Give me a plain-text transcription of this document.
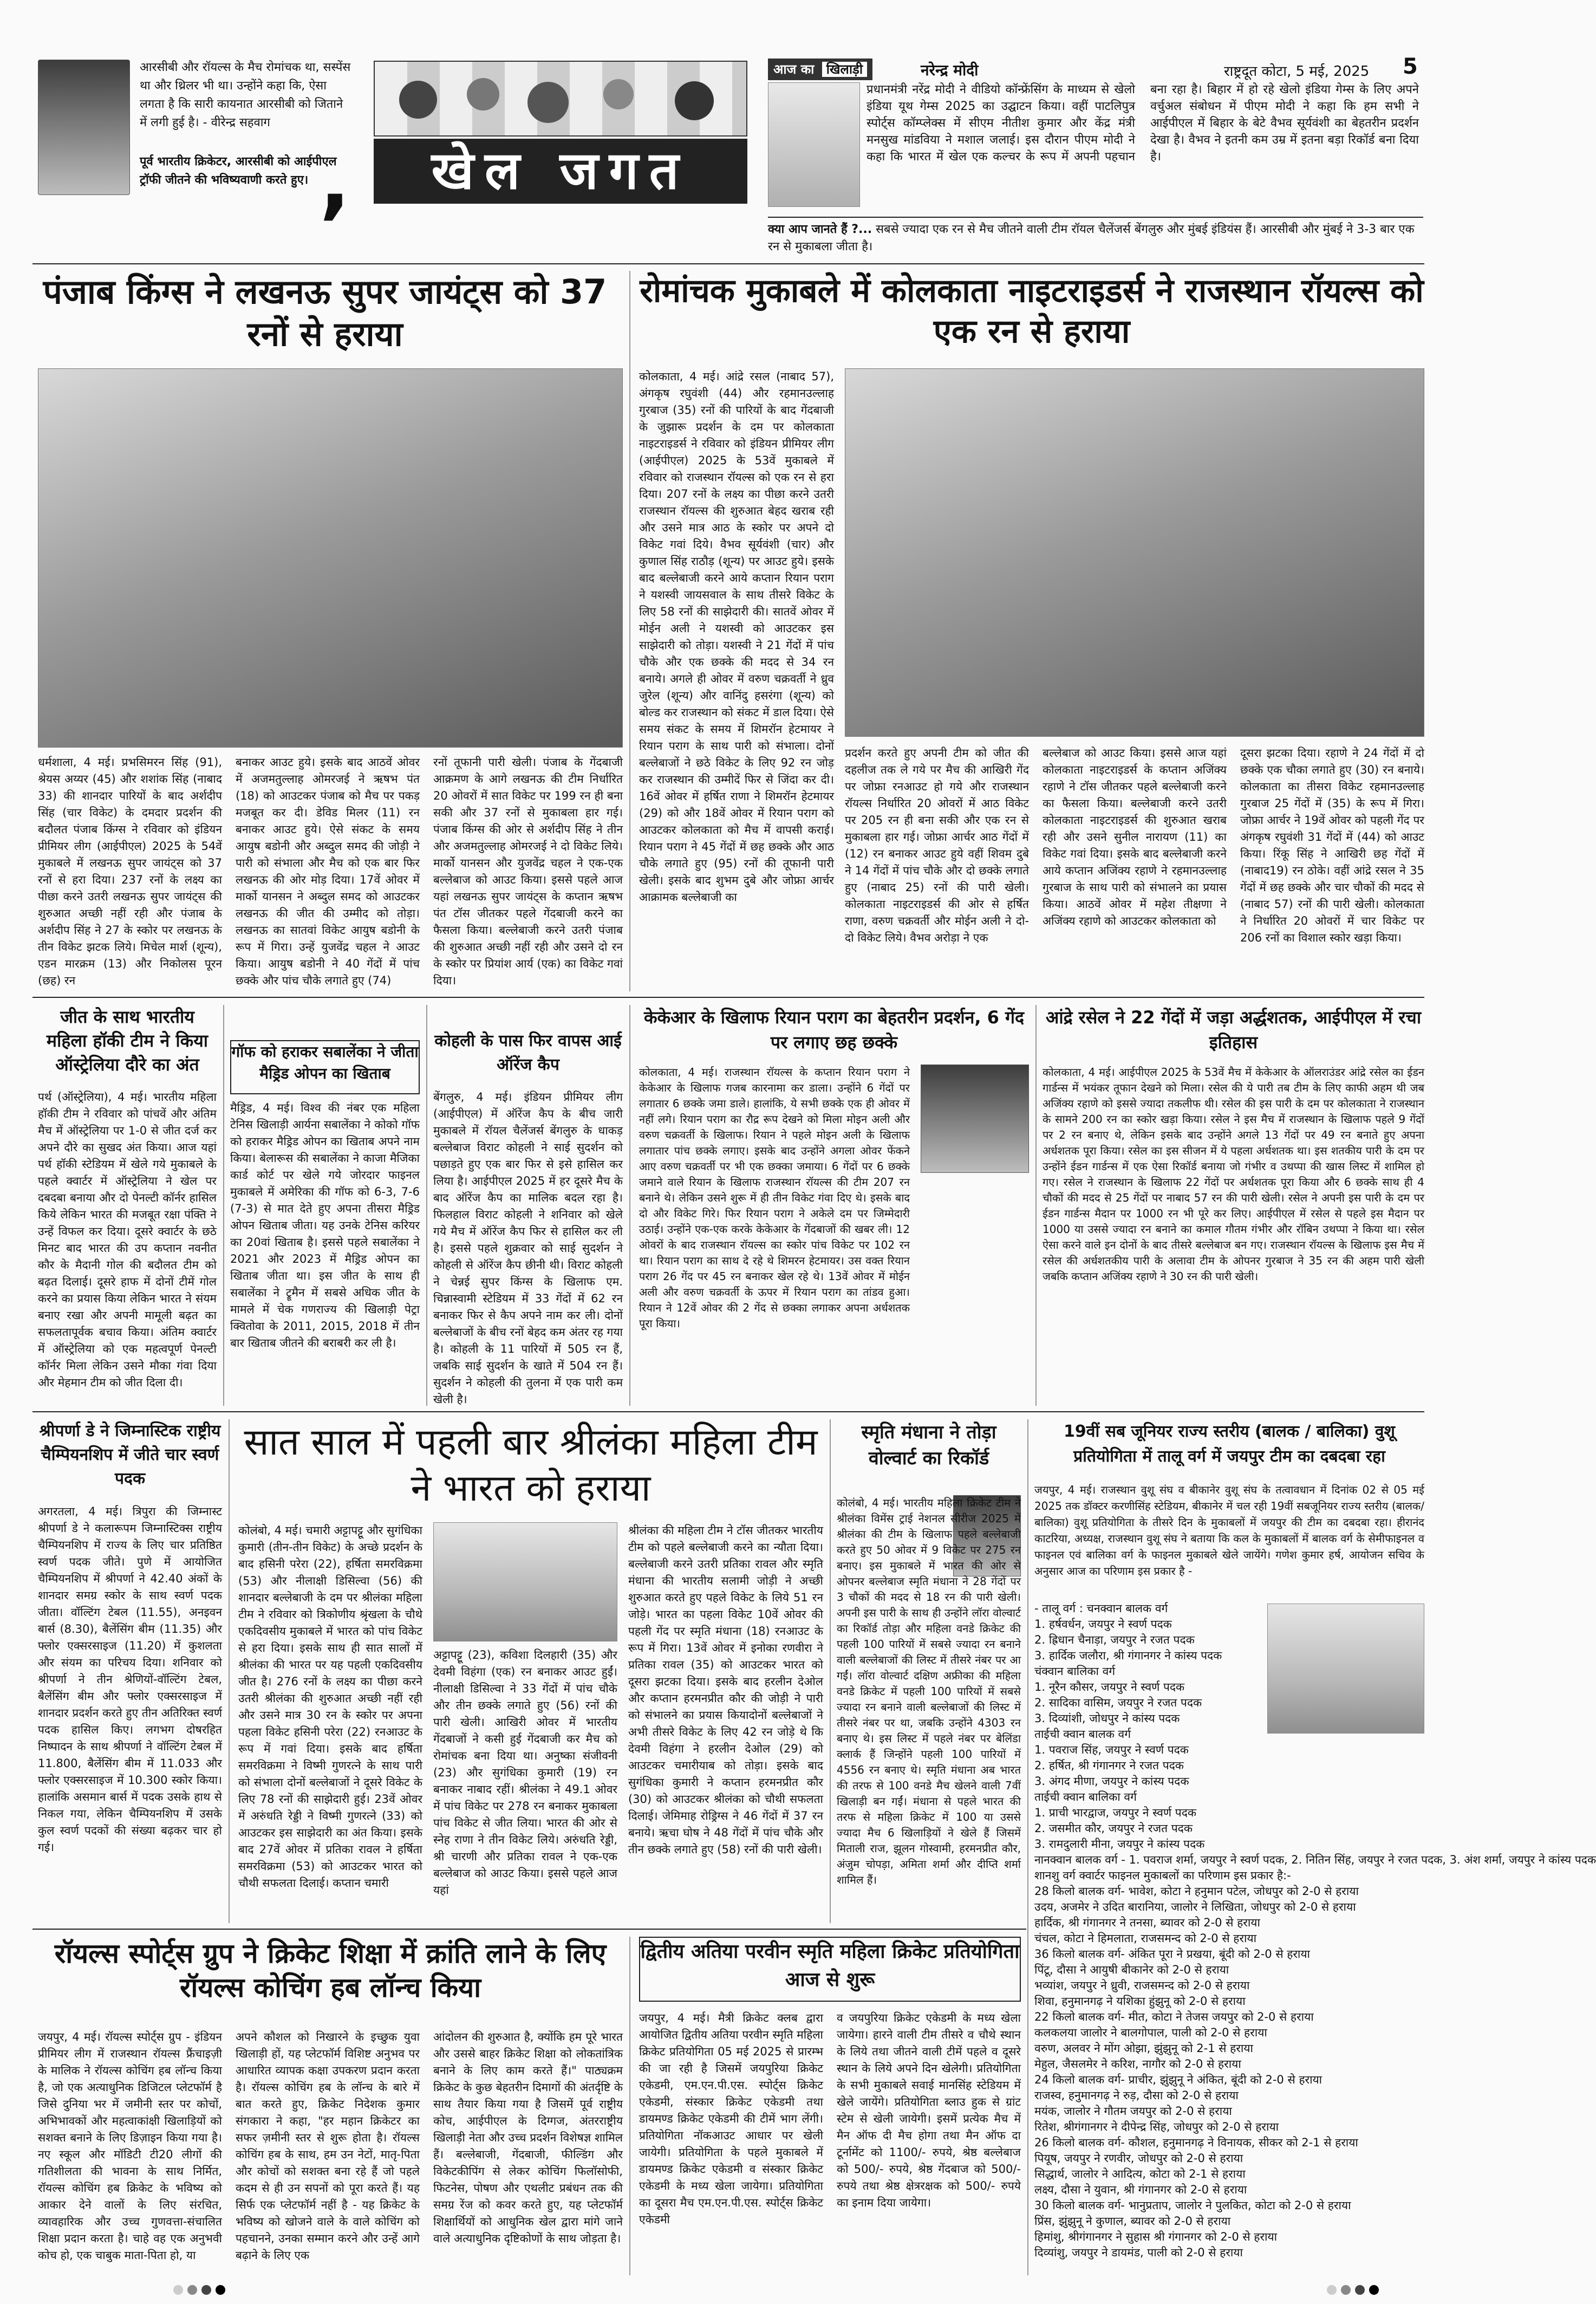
आरसीबी और रॉयल्स के मैच रोमांचक था, सस्पेंस था और थ्रिलर भी था। उन्होंने कहा कि, ऐसा लगता है कि सारी कायनात आरसीबी को जिताने में लगी हुई है। - वीरेन्द्र सहवाग
पूर्व भारतीय क्रिकेटर, आरसीबी को आईपीएल ट्रॉफी जीतने की भविष्यवाणी करते हुए। ,	खेल जगत
आज का खिलाड़ी	नरेन्द्र मोदी	राष्ट्रदूत कोटा, 5 मई, 2025 5
प्रधानमंत्री नरेंद्र मोदी ने वीडियो कॉन्फ्रेंसिंग के माध्यम से खेलो इंडिया यूथ गेम्स 2025 का उद्घाटन किया। वहीं पाटलिपुत्र स्पोर्ट्स कॉम्प्लेक्स में सीएम नीतीश कुमार और केंद्र मंत्री मनसुख मांडविया ने मशाल जलाई। इस दौरान पीएम मोदी ने कहा कि भारत में खेल एक कल्चर के रूप में अपनी पहचान बना रहा है। बिहार में हो रहे खेलो इंडिया गेम्स के लिए अपने वर्चुअल संबोधन में पीएम मोदी ने कहा कि हम सभी ने आईपीएल में बिहार के बेटे वैभव सूर्यवंशी का बेहतरीन प्रदर्शन देखा है। वैभव ने इतनी कम उम्र में इतना बड़ा रिकॉर्ड बना दिया है।
क्या आप जानते हैं ?... सबसे ज्यादा एक रन से मैच जीतने वाली टीम रॉयल चैलेंजर्स बेंगलुरु और मुंबई इंडियंस हैं। आरसीबी और मुंबई ने 3-3 बार एक रन से मुकाबला जीता है।
पंजाब किंग्स ने लखनऊ सुपर जायंट्स को 37 रनों से हराया
धर्मशाला, 4 मई। प्रभसिमरन सिंह (91), श्रेयस अय्यर (45) और शशांक सिंह (नाबाद 33) की शानदार पारियों के बाद अर्शदीप सिंह (चार विकेट) के दमदार प्रदर्शन की बदौलत पंजाब किंग्स ने रविवार को इंडियन प्रीमियर लीग (आईपीएल) 2025 के 54वें मुकाबले में लखनऊ सुपर जायंट्स को 37 रनों से हरा दिया। 237 रनों के लक्ष्य का पीछा करने उतरी लखनऊ सुपर जायंट्स की शुरुआत अच्छी नहीं रही और पंजाब के अर्शदीप सिंह ने 27 के स्कोर पर लखनऊ के तीन विकेट झटक लिये। मिचेल मार्श (शून्य), एडन मारक्रम (13) और निकोलस पूरन (छह) रन
बनाकर आउट हुये। इसके बाद आठवें ओवर में अजमतुल्लाह ओमरजई ने ऋषभ पंत (18) को आउटकर पंजाब को मैच पर पकड़ मजबूत कर दी। डेविड मिलर (11) रन बनाकर आउट हुये। ऐसे संकट के समय आयुष बडोनी और अब्दुल समद की जोड़ी ने पारी को संभाला और मैच को एक बार फिर लखनऊ की ओर मोड़ दिया। 17वें ओवर में मार्को यानसन ने अब्दुल समद को आउटकर लखनऊ की जीत की उम्मीद को तोड़ा। लखनऊ का सातवां विकेट आयुष बडोनी के रूप में गिरा। उन्हें युजवेंद्र चहल ने आउट किया। आयुष बडोनी ने 40 गेंदों में पांच छक्के और पांच चौके लगाते हुए (74)
रनों तूफानी पारी खेली। पंजाब के गेंदबाजी आक्रमण के आगे लखनऊ की टीम निर्धारित 20 ओवरों में सात विकेट पर 199 रन ही बना सकी और 37 रनों से मुकाबला हार गई। पंजाब किंग्स की ओर से अर्शदीप सिंह ने तीन और अजमतुल्लाह ओमरजई ने दो विकेट लिये। मार्को यानसन और युजवेंद्र चहल ने एक-एक बल्लेबाज को आउट किया। इससे पहले आज यहां लखनऊ सुपर जायंट्स के कप्तान ऋषभ पंत टॉस जीतकर पहले गेंदबाजी करने का फैसला किया। बल्लेबाजी करने उतरी पंजाब की शुरुआत अच्छी नहीं रही और उसने दो रन के स्कोर पर प्रियांश आर्य (एक) का विकेट गवां दिया।
रोमांचक मुकाबले में कोलकाता नाइटराइडर्स ने राजस्थान रॉयल्स को एक रन से हराया
कोलकाता, 4 मई। आंद्रे रसल (नाबाद 57), अंगकृष रघुवंशी (44) और रहमानउल्लाह गुरबाज (35) रनों की पारियों के बाद गेंदबाजी के जुझारू प्रदर्शन के दम पर कोलकाता नाइटराइडर्स ने रविवार को इंडियन प्रीमियर लीग (आईपीएल) 2025 के 53वें मुकाबले में रविवार को राजस्थान रॉयल्स को एक रन से हरा दिया। 207 रनों के लक्ष्य का पीछा करने उतरी राजस्थान रॉयल्स की शुरुआत बेहद खराब रही और उसने मात्र आठ के स्कोर पर अपने दो विकेट गवां दिये। वैभव सूर्यवंशी (चार) और कुणाल सिंह राठौड़ (शून्य) पर आउट हुये। इसके बाद बल्लेबाजी करने आये कप्तान रियान पराग ने यशस्वी जायसवाल के साथ तीसरे विकेट के लिए 58 रनों की साझेदारी की। सातवें ओवर में मोईन अली ने यशस्वी को आउटकर इस साझेदारी को तोड़ा। यशस्वी ने 21 गेंदों में पांच चौके और एक छक्के की मदद से 34 रन बनाये। अगले ही ओवर में वरुण चक्रवर्ती ने ध्रुव जुरेल (शून्य) और वानिंदु हसरंगा (शून्य) को बोल्ड कर राजस्थान को संकट में डाल दिया। ऐसे समय संकट के समय में शिमरॉन हेटमायर ने रियान पराग के साथ पारी को संभाला। दोनों बल्लेबाजों ने छठे विकेट के लिए 92 रन जोड़ कर राजस्थान की उम्मीदें फिर से जिंदा कर दी। 16वें ओवर में हर्षित राणा ने शिमरॉन हेटमायर (29) को और 18वें ओवर में रियान पराग को आउटकर कोलकाता को मैच में वापसी कराई। रियान पराग ने 45 गेंदों में छह छक्के और आठ चौके लगाते हुए (95) रनों की तूफानी पारी खेली। इसके बाद शुभम दुबे और जोफ्रा आर्चर आक्रामक बल्लेबाजी का
प्रदर्शन करते हुए अपनी टीम को जीत की दहलीज तक ले गये पर मैच की आखिरी गेंद पर जोफ्रा रनआउट हो गये और राजस्थान रॉयल्स निर्धारित 20 ओवरों में आठ विकेट पर 205 रन ही बना सकी और एक रन से मुकाबला हार गई। जोफ्रा आर्चर आठ गेंदों में (12) रन बनाकर आउट हुये वहीं शिवम दुबे ने 14 गेंदों में पांच चौके और दो छक्के लगाते हुए (नाबाद 25) रनों की पारी खेली। कोलकाता नाइटराइडर्स की ओर से हर्षित राणा, वरुण चक्रवर्ती और मोईन अली ने दो-दो विकेट लिये। वैभव अरोड़ा ने एक
बल्लेबाज को आउट किया। इससे आज यहां कोलकाता नाइटराइडर्स के कप्तान अजिंक्य रहाणे ने टॉस जीतकर पहले बल्लेबाजी करने का फैसला किया। बल्लेबाजी करने उतरी कोलकाता नाइटराइडर्स की शुरुआत खराब रही और उसने सुनील नारायण (11) का विकेट गवां दिया। इसके बाद बल्लेबाजी करने आये कप्तान अजिंक्य रहाणे ने रहमानउल्लाह गुरबाज के साथ पारी को संभालने का प्रयास किया। आठवें ओवर में महेश तीक्षणा ने अजिंक्य रहाणे को आउटकर कोलकाता को
दूसरा झटका दिया। रहाणे ने 24 गेंदों में दो छक्के एक चौका लगाते हुए (30) रन बनाये। कोलकाता का तीसरा विकेट रहमानउल्लाह गुरबाज 25 गेंदों में (35) के रूप में गिरा। जोफ्रा आर्चर ने 19वें ओवर को पहली गेंद पर अंगकृष रघुवंशी 31 गेंदों में (44) को आउट किया। रिंकू सिंह ने आखिरी छह गेंदों में (नाबाद19) रन ठोके। वहीं आंद्रे रसल ने 35 गेंदों में छह छक्के और चार चौकों की मदद से (नाबाद 57) रनों की पारी खेली। कोलकाता ने निर्धारित 20 ओवरों में चार विकेट पर 206 रनों का विशाल स्कोर खड़ा किया।
जीत के साथ भारतीय महिला हॉकी टीम ने किया ऑस्ट्रेलिया दौरे का अंत
पर्थ (ऑस्ट्रेलिया), 4 मई। भारतीय महिला हॉकी टीम ने रविवार को पांचवें और अंतिम मैच में ऑस्ट्रेलिया पर 1-0 से जीत दर्ज कर अपने दौरे का सुखद अंत किया। आज यहां पर्थ हॉकी स्टेडियम में खेले गये मुकाबले के पहले क्वार्टर में ऑस्ट्रेलिया ने खेल पर दबदबा बनाया और दो पेनल्टी कॉर्नर हासिल किये लेकिन भारत की मजबूत रक्षा पंक्ति ने उन्हें विफल कर दिया। दूसरे क्वार्टर के छठे मिनट बाद भारत की उप कप्तान नवनीत कौर के मैदानी गोल की बदौलत टीम को बढ़त दिलाई। दूसरे हाफ में दोनों टीमें गोल करने का प्रयास किया लेकिन भारत ने संयम बनाए रखा और अपनी मामूली बढ़त का सफलतापूर्वक बचाव किया। अंतिम क्वार्टर में ऑस्ट्रेलिया को एक महत्वपूर्ण पेनल्टी कॉर्नर मिला लेकिन उसने मौका गंवा दिया और मेहमान टीम को जीत दिला दी।
गॉफ को हराकर सबालेंका ने जीता मैड्रिड ओपन का खिताब
मैड्रिड, 4 मई। विश्व की नंबर एक महिला टेनिस खिलाड़ी आर्यना सबालेंका ने कोको गॉफ को हराकर मैड्रिड ओपन का खिताब अपने नाम किया। बेलारूस की सबालेंका ने काजा मैजिका कार्ड कोर्ट पर खेले गये जोरदार फाइनल मुकाबले में अमेरिका की गॉफ को 6-3, 7-6 (7-3) से मात देते हुए अपना तीसरा मैड्रिड ओपन खिताब जीता। यह उनके टेनिस करियर का 20वां खिताब है। इससे पहले सबालेंका ने 2021 और 2023 में मैड्रिड ओपन का खिताब जीता था। इस जीत के साथ ही सबालेंका ने ट्रूमैन में सबसे अधिक जीत के मामले में चेक गणराज्य की खिलाड़ी पेट्रा क्वितोवा के 2011, 2015, 2018 में तीन बार खिताब जीतने की बराबरी कर ली है।
कोहली के पास फिर वापस आई ऑरेंज कैप
बेंगलुरु, 4 मई। इंडियन प्रीमियर लीग (आईपीएल) में ऑरेंज कैप के बीच जारी मुकाबले में रॉयल चैलेंजर्स बेंगलुरु के धाकड़ बल्लेबाज विराट कोहली ने साई सुदर्शन को पछाड़ते हुए एक बार फिर से इसे हासिल कर लिया है। आईपीएल 2025 में हर दूसरे मैच के बाद ऑरेंज कैप का मालिक बदल रहा है। फिलहाल विराट कोहली ने शनिवार को खेले गये मैच में ऑरेंज कैप फिर से हासिल कर ली है। इससे पहले शुक्रवार को साई सुदर्शन ने कोहली से ऑरेंज कैप छीनी थी। विराट कोहली ने चेन्नई सुपर किंग्स के खिलाफ एम. चिन्नास्वामी स्टेडियम में 33 गेंदों में 62 रन बनाकर फिर से कैप अपने नाम कर ली। दोनों बल्लेबाजों के बीच रनों बेहद कम अंतर रह गया है। कोहली के 11 पारियों में 505 रन हैं, जबकि साई सुदर्शन के खाते में 504 रन हैं। सुदर्शन ने कोहली की तुलना में एक पारी कम खेली है।
केकेआर के खिलाफ रियान पराग का बेहतरीन प्रदर्शन, 6 गेंद पर लगाए छह छक्के
कोलकाता, 4 मई। राजस्थान रॉयल्स के कप्तान रियान पराग ने केकेआर के खिलाफ गजब कारनामा कर डाला। उन्होंने 6 गेंदों पर लगातार 6 छक्के जमा डाले। हालांकि, ये सभी छक्के एक ही ओवर में नहीं लगे। रियान पराग का रौद्र रूप देखने को मिला मोइन अली और वरुण चक्रवर्ती के खिलाफ। रियान ने पहले मोइन अली के खिलाफ लगातार पांच छक्के लगाए। इसके बाद उन्होंने अगला ओवर फेंकने आए वरुण चक्रवर्ती पर भी एक छक्का जमाया। 6 गेंदों पर 6 छक्के जमाने वाले रियान के खिलाफ राजस्थान रॉयल्स की टीम 207 रन बनाने थे। लेकिन उसने शुरू में ही तीन विकेट गंवा दिए थे। इसके बाद दो और विकेट गिरे। फिर रियान पराग ने अकेले दम पर जिम्मेदारी उठाई। उन्होंने एक-एक करके केकेआर के गेंदबाजों की खबर ली। 12 ओवरों के बाद राजस्थान रॉयल्स का स्कोर पांच विकेट पर 102 रन था। रियान पराग का साथ दे रहे थे शिमरन हेटमायर। उस वक्त रियान पराग 26 गेंद पर 45 रन बनाकर खेल रहे थे। 13वें ओवर में मोईन अली और वरुण चक्रवर्ती के ऊपर में रियान पराग का तांडव हुआ। रियान ने 12वें ओवर की 2 गेंद से छक्का लगाकर अपना अर्धशतक पूरा किया।
आंद्रे रसेल ने 22 गेंदों में जड़ा अर्द्धशतक, आईपीएल में रचा इतिहास
कोलकाता, 4 मई। आईपीएल 2025 के 53वें मैच में केकेआर के ऑलराउंडर आंद्रे रसेल का ईडन गार्डन्स में भयंकर तूफान देखने को मिला। रसेल की ये पारी तब टीम के लिए काफी अहम थी जब अजिंक्य रहाणे को इससे ज्यादा तकलीफ थी। रसेल की इस पारी के दम पर कोलकाता ने राजस्थान के सामने 200 रन का स्कोर खड़ा किया। रसेल ने इस मैच में राजस्थान के खिलाफ पहले 9 गेंदों पर 2 रन बनाए थे, लेकिन इसके बाद उन्होंने अगले 13 गेंदों पर 49 रन बनाते हुए अपना अर्धशतक पूरा किया। रसेल का इस सीजन में ये पहला अर्धशतक था। इस शतकीय पारी के दम पर उन्होंने ईडन गार्डन्स में एक ऐसा रिकॉर्ड बनाया जो गंभीर व उथप्पा की खास लिस्ट में शामिल हो गए। रसेल ने राजस्थान के खिलाफ 22 गेंदों पर अर्धशतक पूरा किया और 6 छक्के साथ ही 4 चौकों की मदद से 25 गेंदों पर नाबाद 57 रन की पारी खेली। रसेल ने अपनी इस पारी के दम पर ईडन गार्डन्स मैदान पर 1000 रन भी पूरे कर लिए। आईपीएल में रसेल से पहले इस मैदान पर 1000 या उससे ज्यादा रन बनाने का कमाल गौतम गंभीर और रॉबिन उथप्पा ने किया था। रसेल ऐसा करने वाले इन दोनों के बाद तीसरे बल्लेबाज बन गए। राजस्थान रॉयल्स के खिलाफ इस मैच में रसेल की अर्धशतकीय पारी के अलावा टीम के ओपनर गुरबाज ने 35 रन की अहम पारी खेली जबकि कप्तान अजिंक्य रहाणे ने 30 रन की पारी खेली।
श्रीपर्णा डे ने जिम्नास्टिक राष्ट्रीय चैम्पियनशिप में जीते चार स्वर्ण पदक
अगरतला, 4 मई। त्रिपुरा की जिम्नास्ट श्रीपर्णा डे ने कलारूपम जिम्नास्टिक्स राष्ट्रीय चैम्पियनशिप में राज्य के लिए चार प्रतिष्ठित स्वर्ण पदक जीते। पुणे में आयोजित चैम्पियनशिप में श्रीपर्णा ने 42.40 अंकों के शानदार समग्र स्कोर के साथ स्वर्ण पदक जीता। वॉल्टिंग टेबल (11.55), अनइवन बार्स (8.30), बैलेंसिंग बीम (11.35) और फ्लोर एक्सरसाइज (11.20) में कुशलता और संयम का परिचय दिया। शनिवार को श्रीपर्णा ने तीन श्रेणियों-वॉल्टिंग टेबल, बैलेंसिंग बीम और फ्लोर एक्सरसाइज में शानदार प्रदर्शन करते हुए तीन अतिरिक्त स्वर्ण पदक हासिल किए। लगभग दोषरहित निष्पादन के साथ श्रीपर्णा ने वॉल्टिंग टेबल में 11.800, बैलेंसिंग बीम में 11.033 और फ्लोर एक्सरसाइज में 10.300 स्कोर किया। हालांकि असमान बार्स में पदक उसके हाथ से निकल गया, लेकिन चैम्पियनशिप में उसके कुल स्वर्ण पदकों की संख्या बढ़कर चार हो गई।
सात साल में पहली बार श्रीलंका महिला टीम ने भारत को हराया
कोलंबो, 4 मई। चमारी अट्टापट्टू और सुगंधिका कुमारी (तीन-तीन विकेट) के अच्छे प्रदर्शन के बाद हसिनी परेरा (22), हर्षिता समरविक्रमा (53) और नीलाक्षी डिसिल्वा (56) की शानदार बल्लेबाजी के दम पर श्रीलंका महिला टीम ने रविवार को त्रिकोणीय श्रृंखला के चौथे एकदिवसीय मुकाबले में भारत को पांच विकेट से हरा दिया। इसके साथ ही सात सालों में श्रीलंका की भारत पर यह पहली एकदिवसीय जीत है। 276 रनों के लक्ष्य का पीछा करने उतरी श्रीलंका की शुरुआत अच्छी नहीं रही और उसने मात्र 30 रन के स्कोर पर अपना पहला विकेट हसिनी परेरा (22) रनआउट के रूप में गवां दिया। इसके बाद हर्षिता समरविक्रमा ने विष्मी गुणरत्ने के साथ पारी को संभाला दोनों बल्लेबाजों ने दूसरे विकेट के लिए 78 रनों की साझेदारी हुई। 23वें ओवर में अरुंधति रेड्डी ने विष्मी गुणरत्ने (33) को आउटकर इस साझेदारी का अंत किया। इसके बाद 27वें ओवर में प्रतिका रावल ने हर्षिता समरविक्रमा (53) को आउटकर भारत को चौथी सफलता दिलाई। कप्तान चमारी
अट्टापट्टू (23), कविशा दिलहारी (35) और देवमी विहंगा (एक) रन बनाकर आउट हुईं। नीलाक्षी डिसिल्वा ने 33 गेंदों में पांच चौके और तीन छक्के लगाते हुए (56) रनों की पारी खेली। आखिरी ओवर में भारतीय गेंदबाजों ने कसी हुई गेंदबाजी कर मैच को रोमांचक बना दिया था। अनुष्का संजीवनी (23) और सुगंधिका कुमारी (19) रन बनाकर नाबाद रहीं। श्रीलंका ने 49.1 ओवर में पांच विकेट पर 278 रन बनाकर मुकाबला पांच विकेट से जीत लिया। भारत की ओर से स्नेह राणा ने तीन विकेट लिये। अरुंधति रेड्डी, श्री चारणी और प्रतिका रावल ने एक-एक बल्लेबाज को आउट किया। इससे पहले आज यहां
श्रीलंका की महिला टीम ने टॉस जीतकर भारतीय टीम को पहले बल्लेबाजी करने का न्यौता दिया। बल्लेबाजी करने उतरी प्रतिका रावल और स्मृति मंधाना की भारतीय सलामी जोड़ी ने अच्छी शुरुआत करते हुए पहले विकेट के लिये 51 रन जोड़े। भारत का पहला विकेट 10वें ओवर की पहली गेंद पर स्मृति मंधाना (18) रनआउट के रूप में गिरा। 13वें ओवर में इनोका रणवीरा ने प्रतिका रावल (35) को आउटकर भारत को दूसरा झटका दिया। इसके बाद हरलीन देओल और कप्तान हरमनप्रीत कौर की जोड़ी ने पारी को संभालने का प्रयास कियादोनों बल्लेबाजों ने अभी तीसरे विकेट के लिए 42 रन जोड़े थे कि देवमी विहंगा ने हरलीन देओल (29) को आउटकर चमारीयाब को तोड़ा। इसके बाद सुगंधिका कुमारी ने कप्तान हरमनप्रीत कौर (30) को आउटकर श्रीलंका को चौथी सफलता दिलाई। जेमिमाह रोड्रिग्स ने 46 गेंदों में 37 रन बनाये। ऋचा घोष ने 48 गेंदों में पांच चौके और तीन छक्के लगाते हुए (58) रनों की पारी खेली।
स्मृति मंधाना ने तोड़ा वोल्वार्ट का रिकॉर्ड
कोलंबो, 4 मई। भारतीय महिला क्रिकेट टीम ने श्रीलंका विमेंस ट्राई नेशनल सीरीज 2025 में श्रीलंका की टीम के खिलाफ पहले बल्लेबाजी करते हुए 50 ओवर में 9 विकेट पर 275 रन बनाए। इस मुकाबले में भारत की ओर से ओपनर बल्लेबाज स्मृति मंधाना ने 28 गेंदों पर 3 चौकों की मदद से 18 रन की पारी खेली। अपनी इस पारी के साथ ही उन्होंने लॉरा वोल्वार्ट का रिकॉर्ड तोड़ा और महिला वनडे क्रिकेट की पहली 100 पारियों में सबसे ज्यादा रन बनाने वाली बल्लेबाजों की लिस्ट में तीसरे नंबर पर आ गईं। लॉरा वोल्वार्ट दक्षिण अफ्रीका की महिला वनडे क्रिकेट में पहली 100 पारियों में सबसे ज्यादा रन बनाने वाली बल्लेबाजों की लिस्ट में तीसरे नंबर पर था, जबकि उन्होंने 4303 रन बनाए थे। इस लिस्ट में पहले नंबर पर बेलिंडा क्लार्क हैं जिन्होंने पहली 100 पारियों में 4556 रन बनाए थे। स्मृति मंधाना अब भारत की तरफ से 100 वनडे मैच खेलने वाली 7वीं खिलाड़ी बन गईं। मंधाना से पहले भारत की तरफ से महिला क्रिकेट में 100 या उससे ज्यादा मैच 6 खिलाड़ियों ने खेले हैं जिसमें मिताली राज, झूलन गोस्वामी, हरमनप्रीत कौर, अंजुम चोपड़ा, अमिता शर्मा और दीप्ति शर्मा शामिल हैं।
19वीं सब जूनियर राज्य स्तरीय (बालक / बालिका) वुशू प्रतियोगिता में तालू वर्ग में जयपुर टीम का दबदबा रहा
जयपुर, 4 मई। राजस्थान वुशू संघ व बीकानेर वुशू संघ के तत्वावधान में दिनांक 02 से 05 मई 2025 तक डॉक्टर करणीसिंह स्टेडियम, बीकानेर में चल रही 19वीं सबजूनियर राज्य स्तरीय (बालक/ बालिका) वुशू प्रतियोगिता के तीसरे दिन के मुकाबलों में जयपुर की टीम का दबदबा रहा। हीरानंद काटरिया, अध्यक्ष, राजस्थान वुशू संघ ने बताया कि कल के मुकाबलों में बालक वर्ग के सेमीफाइनल व फाइनल एवं बालिका वर्ग के फाइनल मुकाबले खेले जायेंगे। गणेश कुमार हर्ष, आयोजन सचिव के अनुसार आज का परिणाम इस प्रकार है -
- तालू वर्ग : चनक्वान बालक वर्ग
1. हर्षवर्धन, जयपुर ने स्वर्ण पदक
2. ह्रिधान चैनाड़ा, जयपुर ने रजत पदक
3. हार्दिक जलौरा, श्री गंगानगर ने कांस्य पदक
चंक्वान बालिका वर्ग
1. नूरैन कौसर, जयपुर ने स्वर्ण पदक
2. सादिका वासिम, जयपुर ने रजत पदक
3. दिव्यांशी, जोधपुर ने कांस्य पदक
ताईची क्वान बालक वर्ग
1. पवराज सिंह, जयपुर ने स्वर्ण पदक
2. हर्षित, श्री गंगानगर ने रजत पदक
3. अंगद मीणा, जयपुर ने कांस्य पदक
ताईची क्वान बालिका वर्ग
1. प्राची भारद्वाज, जयपुर ने स्वर्ण पदक
2. जसमीत कौर, जयपुर ने रजत पदक
3. रामदुलारी मीना, जयपुर ने कांस्य पदक
नानक्वान बालक वर्ग - 1. पवराज शर्मा, जयपुर ने स्वर्ण पदक, 2. नितिन सिंह, जयपुर ने रजत पदक, 3. अंश शर्मा, जयपुर ने कांस्य पदक
शानशु वर्ग क्वार्टर फाइनल मुकाबलों का परिणाम इस प्रकार है:-
28 किलो बालक वर्ग- भावेश, कोटा ने हनुमान पटेल, जोधपुर को 2-0 से हराया
उदय, अजमेर ने उदित बारानिया, जालोर ने लिखिता, जोधपुर को 2-0 से हराया
हार्दिक, श्री गंगानगर ने तनसा, ब्यावर को 2-0 से हराया
चंचल, कोटा ने हिमलाता, राजसमन्द को 2-0 से हराया
36 किलो बालक वर्ग- अंकित पूरा ने प्रखया, बूंदी को 2-0 से हराया
पिंटू, दौसा ने आयुषी बीकानेर को 2-0 से हराया
भव्यांश, जयपुर ने ध्रुवी, राजसमन्द को 2-0 से हराया
शिवा, हनुमानगढ़ ने यशिका हुंझुनू को 2-0 से हराया
22 किलो बालक वर्ग- मीत, कोटा ने तेजस जयपुर को 2-0 से हराया
कलकलया जालोर ने बालगोपाल, पाली को 2-0 से हराया
वरुण, अलवर ने मोंग ओझा, झुंझुनू को 2-1 से हराया
मेहुल, जैसलमेर ने करिश, नागौर को 2-0 से हराया
24 किलो बालक वर्ग- प्राचीर, झुंझुनू ने अंकित, बूंदी को 2-0 से हराया
राजस्व, हनुमानगढ़ ने रुड़, दौसा को 2-0 से हराया
मयंक, जालोर ने गौतम जयपुर को 2-0 से हराया
रितेश, श्रीगंगानगर ने दीपेन्द्र सिंह, जोधपुर को 2-0 से हराया
26 किलो बालक वर्ग- कौशल, हनुमानगढ़ ने विनायक, सीकर को 2-1 से हराया
पियूष, जयपुर ने रणवीर, जोधपुर को 2-0 से हराया
सिद्धार्थ, जालोर ने आदित्य, कोटा को 2-1 से हराया
लक्ष्य, दौसा ने युवान, श्री गंगानगर को 2-0 से हराया
30 किलो बालक वर्ग- भानुप्रताप, जालोर ने पुलकित, कोटा को 2-0 से हराया
प्रिंस, झुंझुनू ने कुणाल, ब्यावर को 2-0 से हराया
हिमांशु, श्रीगंगानगर ने सुहास श्री गंगानगर को 2-0 से हराया
दिव्यांशु, जयपुर ने डायमंड, पाली को 2-0 से हराया
रॉयल्स स्पोर्ट्स ग्रुप ने क्रिकेट शिक्षा में क्रांति लाने के लिए रॉयल्स कोचिंग हब लॉन्च किया
जयपुर, 4 मई। रॉयल्स स्पोर्ट्स ग्रुप - इंडियन प्रीमियर लीग में राजस्थान रॉयल्स फ्रैंचाइज़ी के मालिक ने रॉयल्स कोचिंग हब लॉन्च किया है, जो एक अत्याधुनिक डिजिटल प्लेटफॉर्म है जिसे दुनिया भर में जमीनी स्तर पर कोचों, अभिभावकों और महत्वाकांक्षी खिलाड़ियों को सशक्त बनाने के लिए डिज़ाइन किया गया है। नए स्कूल और मॉडिटी टी20 लीगों की गतिशीलता की भावना के साथ निर्मित, रॉयल्स कोचिंग हब क्रिकेट के भविष्य को आकार देने वालों के लिए संरचित, व्यावहारिक और उच्च गुणवत्ता-संचालित शिक्षा प्रदान करता है। चाहे वह एक अनुभवी कोच हो, एक चाबुक माता-पिता हो, या
अपने कौशल को निखारने के इच्छुक युवा खिलाड़ी हों, यह प्लेटफॉर्म विशिष्ट अनुभव पर आधारित व्यापक कक्षा उपकरण प्रदान करता है। रॉयल्स कोचिंग हब के लॉन्च के बारे में बात करते हुए, क्रिकेट निदेशक कुमार संगकारा ने कहा, "हर महान क्रिकेटर का सफर ज़मीनी स्तर से शुरू होता है। रॉयल्स कोचिंग हब के साथ, हम उन नेटों, मातृ-पिता और कोचों को सशक्त बना रहे हैं जो पहले कदम से ही उन सपनों को पूरा करते हैं। यह सिर्फ एक प्लेटफॉर्म नहीं है - यह क्रिकेट के भविष्य को खोजने वाले के वाले कोचिंग को पहचानने, उनका सम्मान करने और उन्हें आगे बढ़ाने के लिए एक
आंदोलन की शुरुआत है, क्योंकि हम पूरे भारत और उससे बाहर क्रिकेट शिक्षा को लोकतांत्रिक बनाने के लिए काम करते हैं।" पाठ्यक्रम क्रिकेट के कुछ बेहतरीन दिमागों की अंतर्दृष्टि के साथ तैयार किया गया है जिसमें पूर्व राष्ट्रीय कोच, आईपीएल के दिग्गज, अंतरराष्ट्रीय खिलाड़ी नेता और उच्च प्रदर्शन विशेषज्ञ शामिल हैं। बल्लेबाजी, गेंदबाजी, फील्डिंग और विकेटकीपिंग से लेकर कोचिंग फिलॉसोफी, फिटनेस, पोषण और एथलीट प्रबंधन तक की समग्र रेंज को कवर करते हुए, यह प्लेटफॉर्म शिक्षार्थियों को आधुनिक खेल द्वारा मांगे जाने वाले अत्याधुनिक दृष्टिकोणों के साथ जोड़ता है।
द्वितीय अतिया परवीन स्मृति महिला क्रिकेट प्रतियोगिता आज से शुरू
जयपुर, 4 मई। मैत्री क्रिकेट क्लब द्वारा आयोजित द्वितीय अतिया परवीन स्मृति महिला क्रिकेट प्रतियोगिता 05 मई 2025 से प्रारम्भ की जा रही है जिसमें जयपुरिया क्रिकेट एकेडमी, एम.एन.पी.एस. स्पोर्ट्स क्रिकेट एकेडमी, संस्कार क्रिकेट एकेडमी तथा डायमण्ड क्रिकेट एकेडमी की टीमें भाग लेंगी। प्रतियोगिता नॉकआउट आधार पर खेली जायेगी। प्रतियोगिता के पहले मुकाबले में डायमण्ड क्रिकेट एकेडमी व संस्कार क्रिकेट एकेडमी के मध्य खेला जायेगा। प्रतियोगिता का दूसरा मैच एम.एन.पी.एस. स्पोर्ट्स क्रिकेट एकेडमी
व जयपुरिया क्रिकेट एकेडमी के मध्य खेला जायेगा। हारने वाली टीम तीसरे व चौथे स्थान के लिये तथा जीतने वाली टीमें पहले व दूसरे स्थान के लिये अपने दिन खेलेगी। प्रतियोगिता के सभी मुकाबले सवाई मानसिंह स्टेडियम में खेले जायेंगे। प्रतियोगिता ब्लाउ हुक से ग्रांट स्टेम से खेली जायेगी। इसमें प्रत्येक मैच में मैन ऑफ दी मैच होगा तथा मैन ऑफ दा टूर्नामेंट को 1100/- रुपये, श्रेष्ठ बल्लेबाज को 500/- रुपये, श्रेष्ठ गेंदबाज को 500/- रुपये तथा श्रेष्ठ क्षेत्ररक्षक को 500/- रुपये का इनाम दिया जायेगा।
